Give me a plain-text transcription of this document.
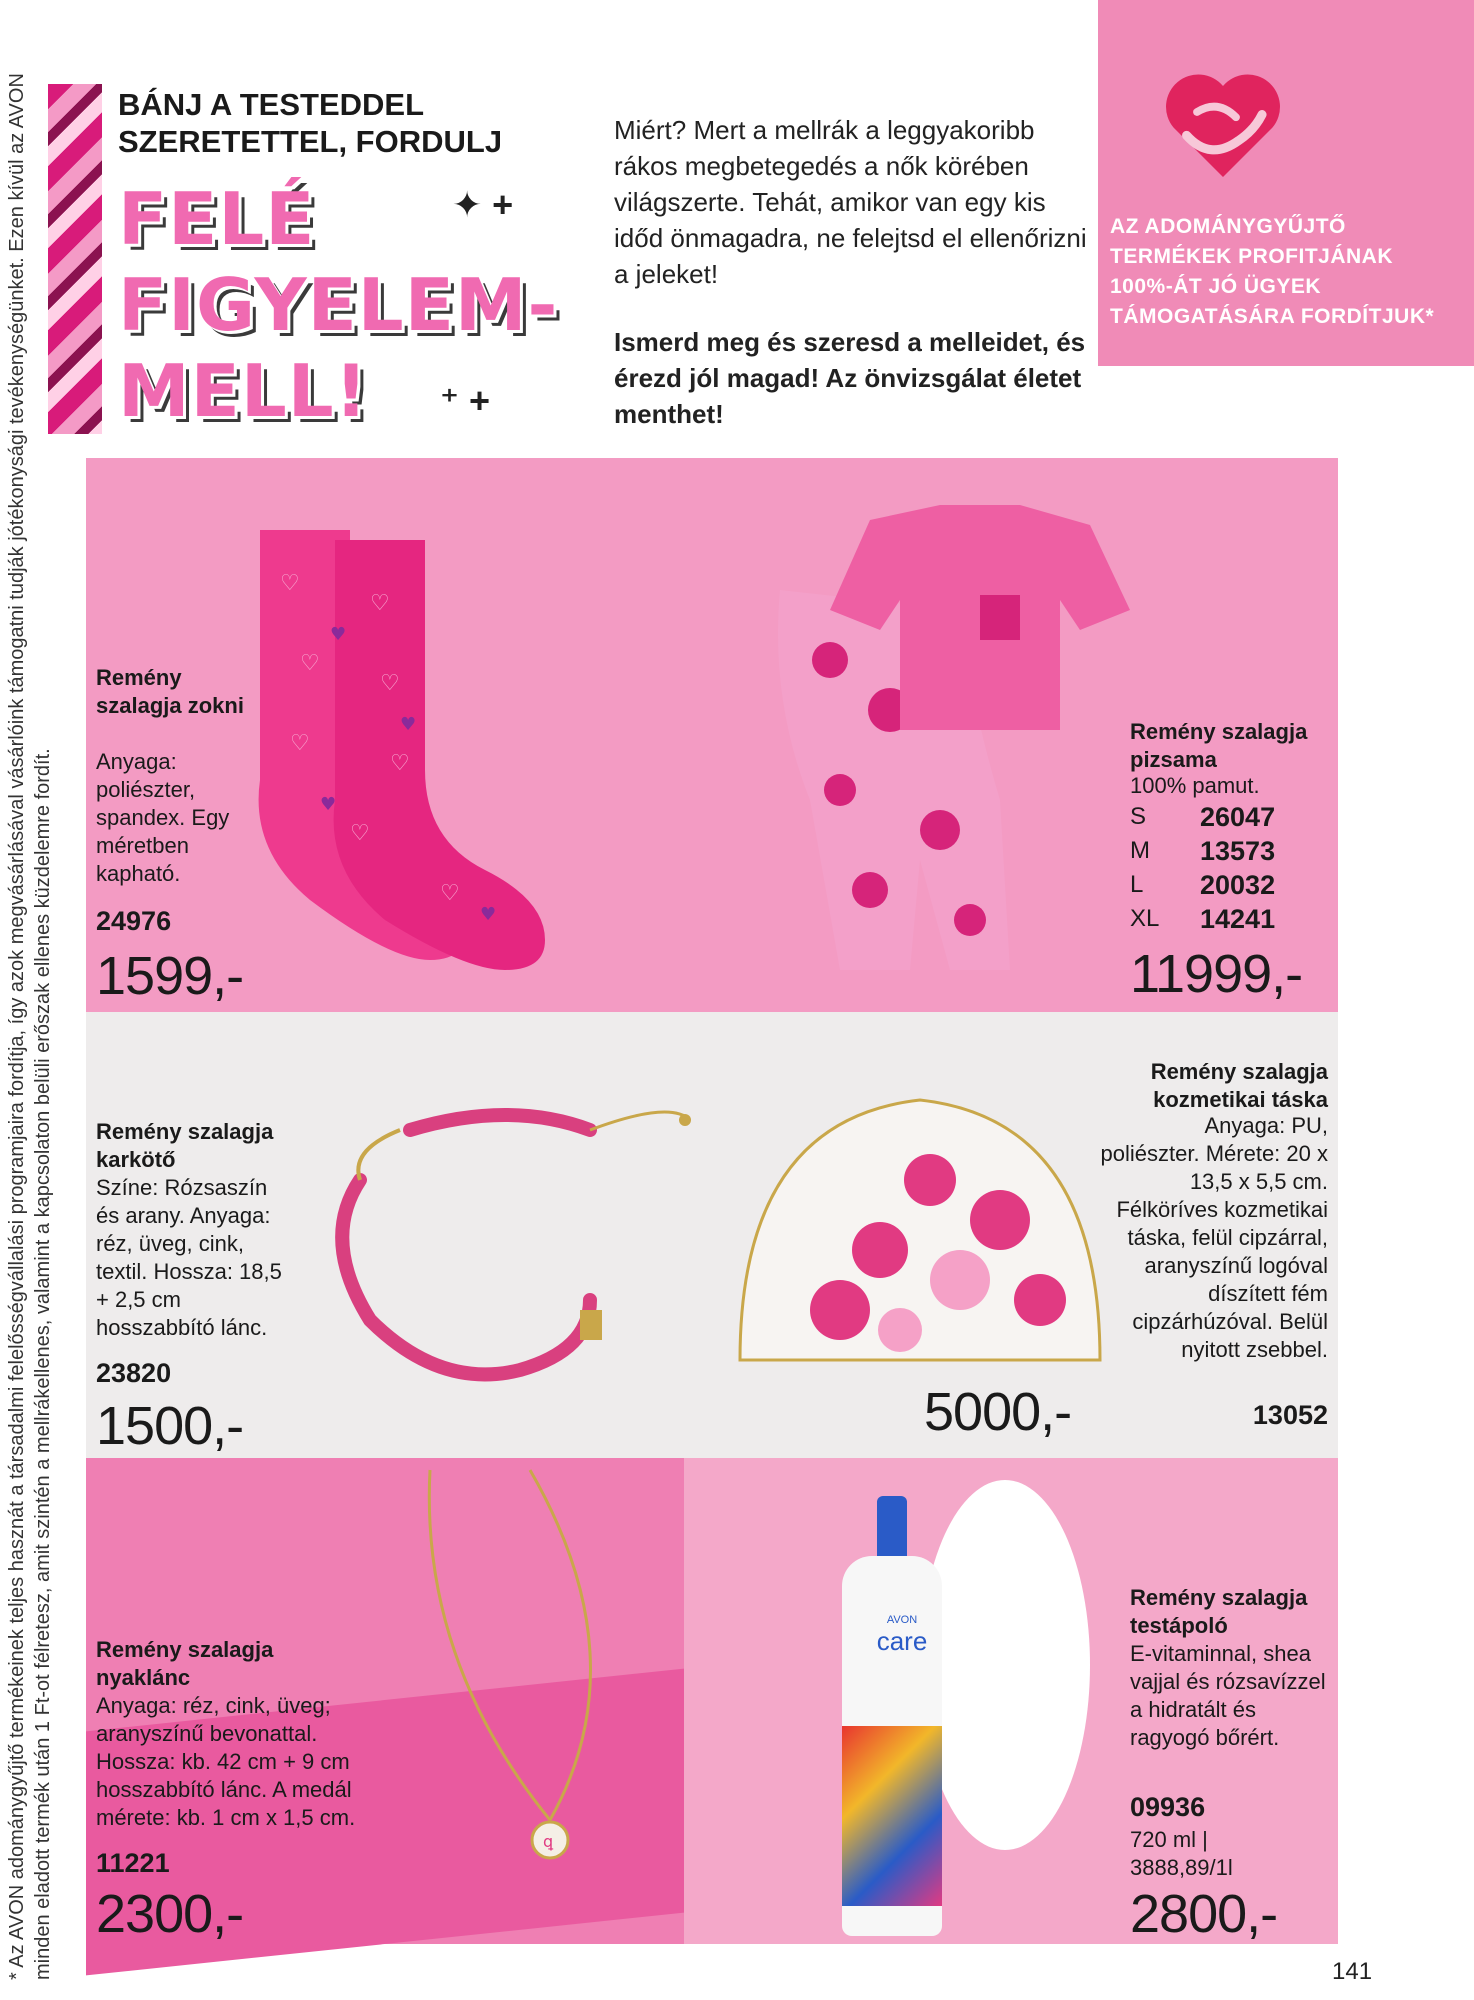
* Az AVON adománygyűjtő termékeinek teljes hasznát a társadalmi felelősségvállalási programjaira fordítja, így azok megvásárlásával vásárlóink támogatni tudják jótékonysági tevékenységünket. Ezen kívül az AVON minden eladott termék után 1 Ft-ot félretesz, amit szintén a mellrákellenes, valamint a kapcsolaton belüli erőszak ellenes küzdelemre fordít.
BÁNJ A TESTEDDEL SZERETETTEL, FORDULJ
FELÉ FIGYELEM-MELL!
✦ +
⁺ +
Miért? Mert a mellrák a leggyakoribb rákos megbetegedés a nők körében világszerte. Tehát, amikor van egy kis időd önmagadra, ne felejtsd el ellenőrizni a jeleket!
Ismerd meg és szeresd a melleidet, és érezd jól magad! Az önvizsgálat életet menthet!
AZ ADOMÁNYGYŰJTŐ TERMÉKEK PROFITJÁNAK 100%-ÁT JÓ ÜGYEK TÁMOGATÁSÁRA FORDÍTJUK*
♡
♡
♡
♡
♡
♡
♡
♡
♥
♥
♥
♥
Remény szalagja zokni
Anyaga: poliészter, spandex. Egy méretben kapható.
24976
1599,-
Remény szalagja pizsama
100% pamut.
S	26047
M	13573
L	20032
XL	14241
11999,-
Remény szalagja karkötő
Színe: Rózsaszín és arany. Anyaga: réz, üveg, cink, textil. Hossza: 18,5 + 2,5 cm hosszabbító lánc.
23820
1500,-
Remény szalagja kozmetikai táska
Anyaga: PU, poliészter. Mérete: 20 x 13,5 x 5,5 cm. Félköríves kozmetikai táska, felül cipzárral, aranyszínű logóval díszített fém cipzárhúzóval. Belül nyitott zsebbel.
5000,-	13052
ꝗ
Remény szalagja nyaklánc
Anyaga: réz, cink, üveg; aranyszínű bevonattal. Hossza: kb. 42 cm + 9 cm hosszabbító lánc. A medál mérete: kb. 1 cm x 1,5 cm.
11221
2300,-
AVON
care
Remény szalagja testápoló
E-vitaminnal, shea vajjal és rózsavízzel a hidratált és ragyogó bőrért.
09936
720 ml | 3888,89/1l
2800,-
141
